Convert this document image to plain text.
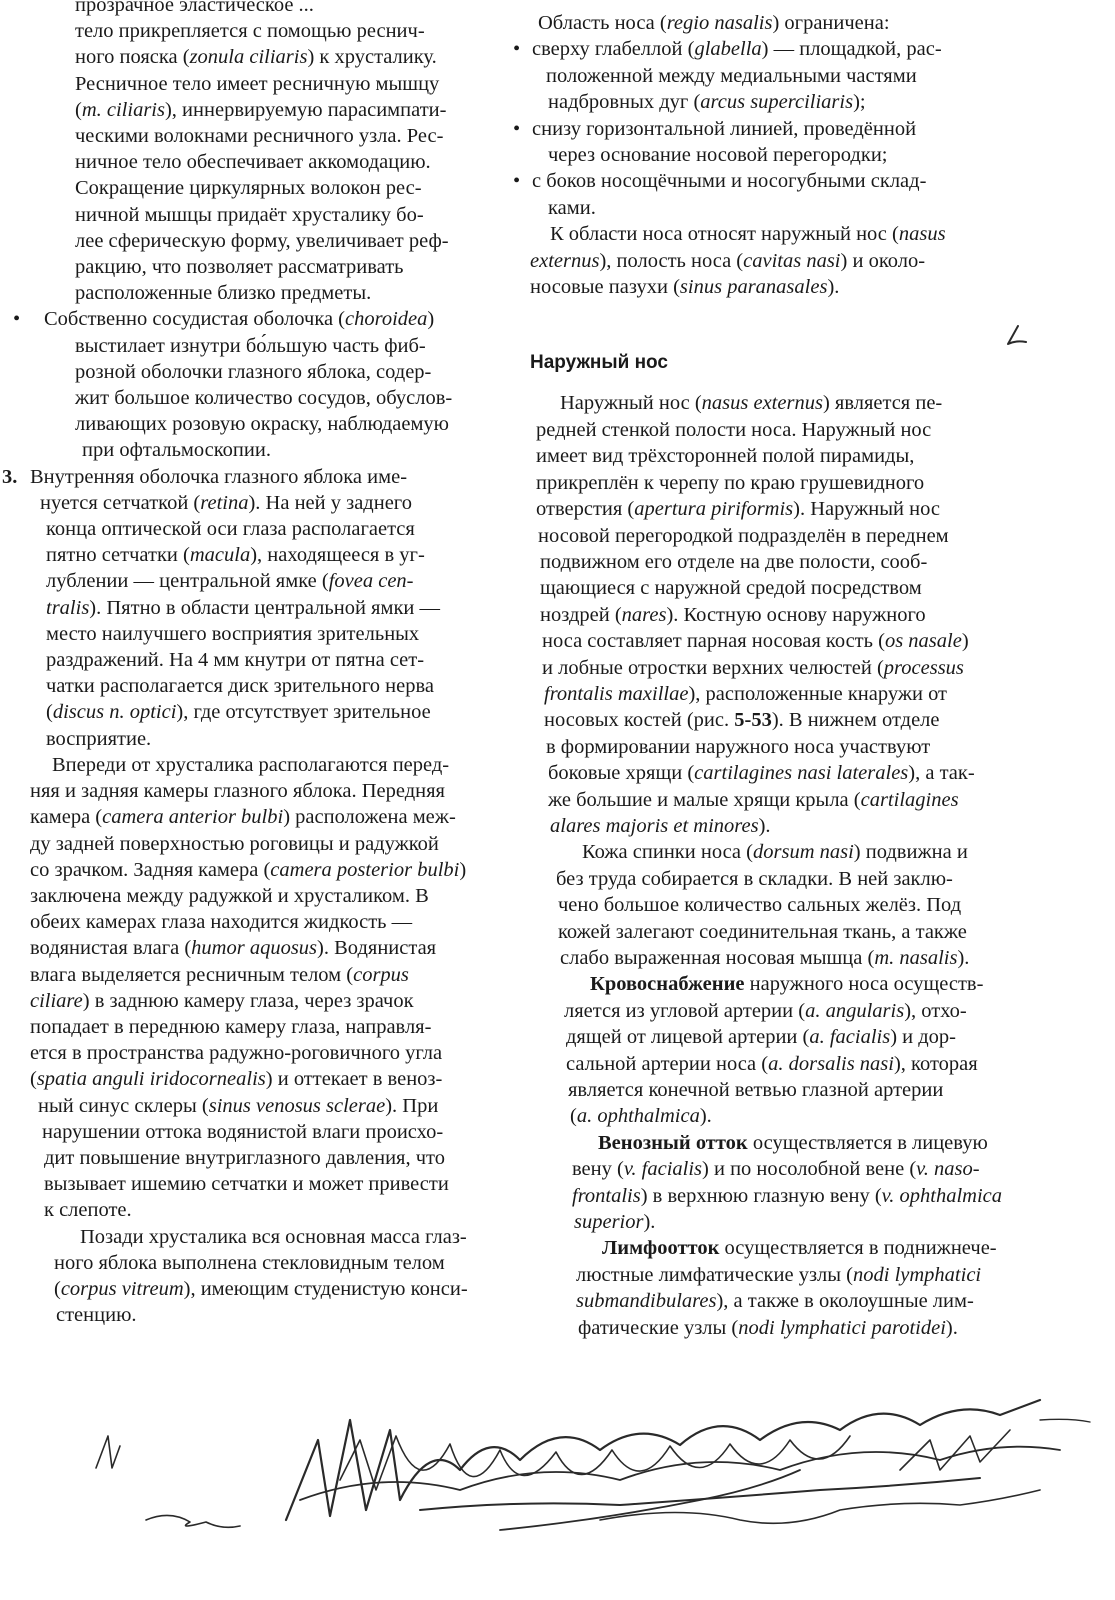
прозрачное эластическое ...

тело прикрепляется с помощью реснич-

ного пояска (zonula ciliaris) к хрусталику.

Ресничное тело имеет ресничную мышцу

(m. ciliaris), иннервируемую парасимпати-

ческими волокнами ресничного узла. Рес-

ничное тело обеспечивает аккомодацию.

Сокращение циркулярных волокон рес-

ничной мышцы придаёт хрусталику бо-

лее сферическую форму, увеличивает реф-

ракцию, что позволяет рассматривать

расположенные близко предметы.

• Собственно сосудистая оболочка (choroidea)

выстилает изнутри бо́льшую часть фиб-

розной оболочки глазного яблока, содер-

жит большое количество сосудов, обуслов-

ливающих розовую окраску, наблюдаемую

при офтальмоскопии.

3. Внутренняя оболочка глазного яблока име-

нуется сетчаткой (retina). На ней у заднего

конца оптической оси глаза располагается

пятно сетчатки (macula), находящееся в уг-

лублении — центральной ямке (fovea cen-

tralis). Пятно в области центральной ямки —

место наилучшего восприятия зрительных

раздражений. На 4 мм кнутри от пятна сет-

чатки располагается диск зрительного нерва

(discus n. optici), где отсутствует зрительное

восприятие.

Впереди от хрусталика располагаются перед-

няя и задняя камеры глазного яблока. Передняя

камера (camera anterior bulbi) расположена меж-

ду задней поверхностью роговицы и радужкой

со зрачком. Задняя камера (camera posterior bulbi)

заключена между радужкой и хрусталиком. В

обеих камерах глаза находится жидкость —

водянистая влага (humor aquosus). Водянистая

влага выделяется ресничным телом (corpus

ciliare) в заднюю камеру глаза, через зрачок

попадает в переднюю камеру глаза, направля-

ется в пространства радужно-роговичного угла

(spatia anguli iridocornealis) и оттекает в веноз-

ный синус склеры (sinus venosus sclerae). При

нарушении оттока водянистой влаги происхо-

дит повышение внутриглазного давления, что

вызывает ишемию сетчатки и может привести

к слепоте.

Позади хрусталика вся основная масса глаз-

ного яблока выполнена стекловидным телом

(corpus vitreum), имеющим студенистую конси-

стенцию.

Область носа (regio nasalis) ограничена:

• сверху глабеллой (glabella) — площадкой, рас-

положенной между медиальными частями

надбровных дуг (arcus superciliaris);

• снизу горизонтальной линией, проведённой

через основание носовой перегородки;

• с боков носощёчными и носогубными склад-

ками.

К области носа относят наружный нос (nasus

externus), полость носа (cavitas nasi) и около-

носовые пазухи (sinus paranasales).

Наружный нос

Наружный нос (nasus externus) является пе-

редней стенкой полости носа. Наружный нос

имеет вид трёхсторонней полой пирамиды,

прикреплён к черепу по краю грушевидного

отверстия (apertura piriformis). Наружный нос

носовой перегородкой подразделён в переднем

подвижном его отделе на две полости, сооб-

щающиеся с наружной средой посредством

ноздрей (nares). Костную основу наружного

носа составляет парная носовая кость (os nasale)

и лобные отростки верхних челюстей (processus

frontalis maxillae), расположенные кнаружи от

носовых костей (рис. 5-53). В нижнем отделе

в формировании наружного носа участвуют

боковые хрящи (cartilagines nasi laterales), а так-

же большие и малые хрящи крыла (cartilagines

alares majoris et minores).

Кожа спинки носа (dorsum nasi) подвижна и

без труда собирается в складки. В ней заклю-

чено большое количество сальных желёз. Под

кожей залегают соединительная ткань, а также

слабо выраженная носовая мышца (m. nasalis).

Кровоснабжение наружного носа осуществ-

ляется из угловой артерии (a. angularis), отхо-

дящей от лицевой артерии (a. facialis) и дор-

сальной артерии носа (a. dorsalis nasi), которая

является конечной ветвью глазной артерии

(a. ophthalmica).

Венозный отток осуществляется в лицевую

вену (v. facialis) и по носолобной вене (v. naso-

frontalis) в верхнюю глазную вену (v. ophthalmica

superior).

Лимфоотток осуществляется в поднижнече-

люстные лимфатические узлы (nodi lymphatici

submandibulares), а также в околоушные лим-

фатические узлы (nodi lymphatici parotidei).
